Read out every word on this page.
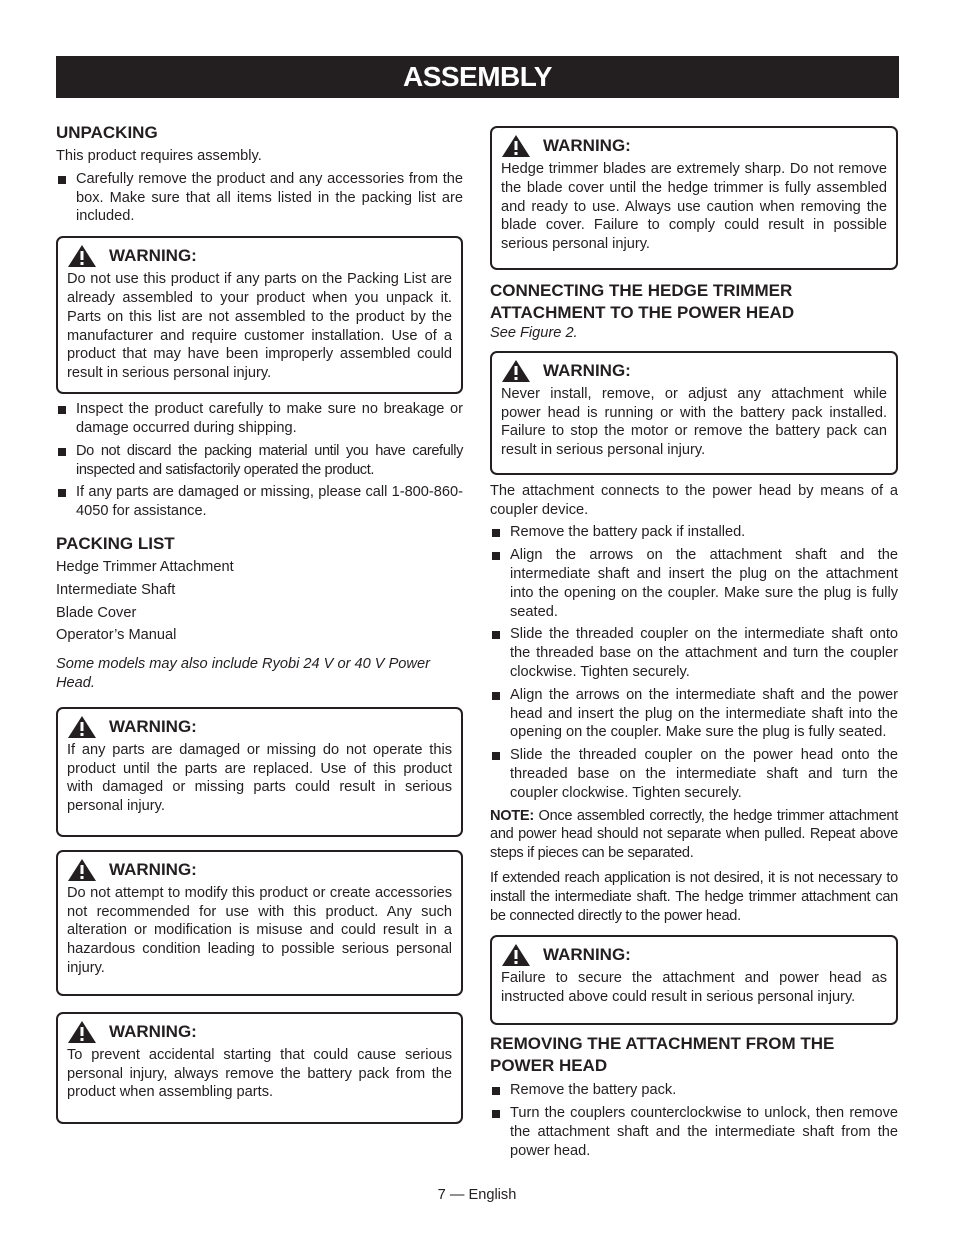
ASSEMBLY
UNPACKING

This product requires assembly.

Carefully remove the product and any accessories from the box. Make sure that all items listed in the packing list are included.
WARNING:

Do not use this product if any parts on the Packing List are already assembled to your product when you unpack it. Parts on this list are not assembled to the product by the manufacturer and require customer installation. Use of a product that may have been improperly assembled could result in serious personal injury.

Inspect the product carefully to make sure no breakage or damage occurred during shipping.
Do not discard the packing material until you have carefully inspected and satisfactorily operated the product.
If any parts are damaged or missing, please call 1-800-860-4050 for assistance.
PACKING LIST

Hedge Trimmer Attachment

Intermediate Shaft

Blade Cover

Operator’s Manual

Some models may also include Ryobi 24 V or 40 V Power Head.

WARNING:

If any parts are damaged or missing do not operate this product until the parts are replaced. Use of this product with damaged or missing parts could result in serious personal injury.

WARNING:

Do not attempt to modify this product or create accessories not recommended for use with this product. Any such alteration or modification is misuse and could result in a hazardous condition leading to possible serious personal injury.

WARNING:

To prevent accidental starting that could cause serious personal injury, always remove the battery pack from the product when assembling parts.

WARNING:

Hedge trimmer blades are extremely sharp. Do not remove the blade cover until the hedge trimmer is fully assembled and ready to use. Always use caution when removing the blade cover. Failure to comply could result in possible serious personal injury.

CONNECTING THE HEDGE TRIMMER ATTACHMENT TO THE POWER HEAD

See Figure 2.

WARNING:

Never install, remove, or adjust any attachment while power head is running or with the battery pack installed. Failure to stop the motor or remove the battery pack can result in serious personal injury.

The attachment connects to the power head by means of a coupler device.

Remove the battery pack if installed.
Align the arrows on the attachment shaft and the intermediate shaft and insert the plug on the attachment into the opening on the coupler. Make sure the plug is fully seated.
Slide the threaded coupler on the intermediate shaft onto the threaded base on the attachment and turn the coupler clockwise. Tighten securely.
Align the arrows on the intermediate shaft and the power head and insert the plug on the intermediate shaft into the opening on the coupler. Make sure the plug is fully seated.
Slide the threaded coupler on the power head onto the threaded base on the intermediate shaft and turn the coupler clockwise. Tighten securely.

NOTE: Once assembled correctly, the hedge trimmer attachment and power head should not separate when pulled. Repeat above steps if pieces can be separated.

If extended reach application is not desired, it is not necessary to install the intermediate shaft. The hedge trimmer attachment can be connected directly to the power head.

WARNING:

Failure to secure the attachment and power head as instructed above could result in serious personal injury.

REMOVING THE ATTACHMENT FROM THE POWER HEAD
Remove the battery pack.
Turn the couplers counterclockwise to unlock, then remove the attachment shaft and the intermediate shaft from the power head.
7 — English
